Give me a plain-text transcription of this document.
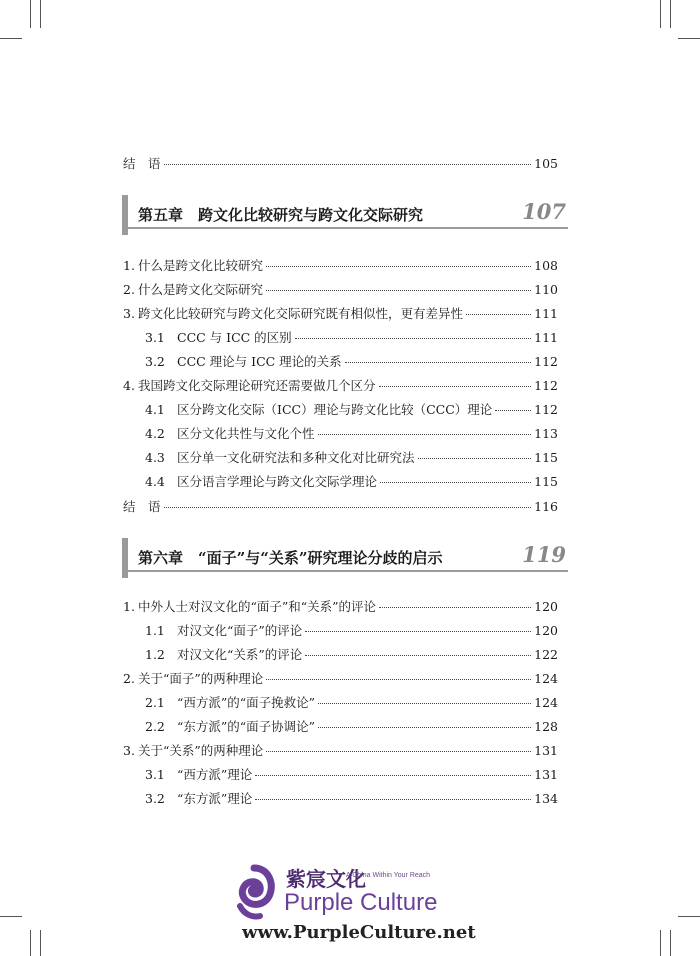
结　语	105
1. 什么是跨文化比较研究	108
2. 什么是跨文化交际研究	110
3. 跨文化比较研究与跨文化交际研究既有相似性，更有差异性	111
3.1 CCC 与 ICC 的区别	111
3.2 CCC 理论与 ICC 理论的关系	112
4. 我国跨文化交际理论研究还需要做几个区分	112
4.1 区分跨文化交际（ICC）理论与跨文化比较（CCC）理论	112
4.2 区分文化共性与文化个性	113
4.3 区分单一文化研究法和多种文化对比研究法	115
4.4 区分语言学理论与跨文化交际学理论	115
结　语	116
1. 中外人士对汉文化的“面子”和“关系”的评论	120
1.1 对汉文化“面子”的评论	120
1.2 对汉文化“关系”的评论	122
2. 关于“面子”的两种理论	124
2.1 “西方派”的“面子挽救论”	124
2.2 “东方派”的“面子协调论”	128
3. 关于“关系”的两种理论	131
3.1 “西方派”理论	131
3.2 “东方派”理论	134
第五章　跨文化比较研究与跨文化交际研究	107
第六章　“面子”与“关系”研究理论分歧的启示	119
紫宸文化
A China Within Your Reach
Purple Culture
www.PurpleCulture.net
